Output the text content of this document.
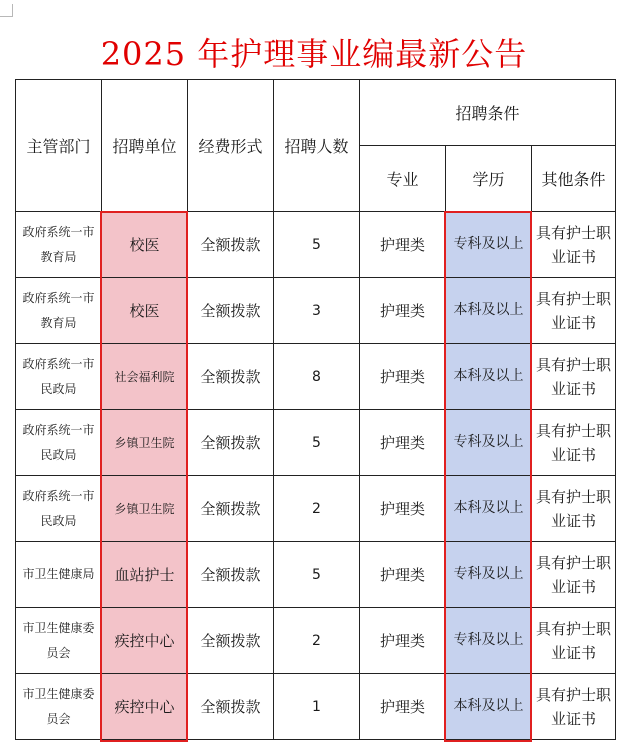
2025 年护理事业编最新公告
主管部门	招聘单位	经费形式	招聘人数	招聘条件		
				专业	学历	其他条件
政府系统一市教育局	校医	全额拨款	5	护理类	专科及以上	具有护士职业证书
政府系统一市教育局	校医	全额拨款	3	护理类	本科及以上	具有护士职业证书
政府系统一市民政局	社会福利院	全额拨款	8	护理类	本科及以上	具有护士职业证书
政府系统一市民政局	乡镇卫生院	全额拨款	5	护理类	专科及以上	具有护士职业证书
政府系统一市民政局	乡镇卫生院	全额拨款	2	护理类	本科及以上	具有护士职业证书
市卫生健康局	血站护士	全额拨款	5	护理类	专科及以上	具有护士职业证书
市卫生健康委员会	疾控中心	全额拨款	2	护理类	专科及以上	具有护士职业证书
市卫生健康委员会	疾控中心	全额拨款	1	护理类	本科及以上	具有护士职业证书
